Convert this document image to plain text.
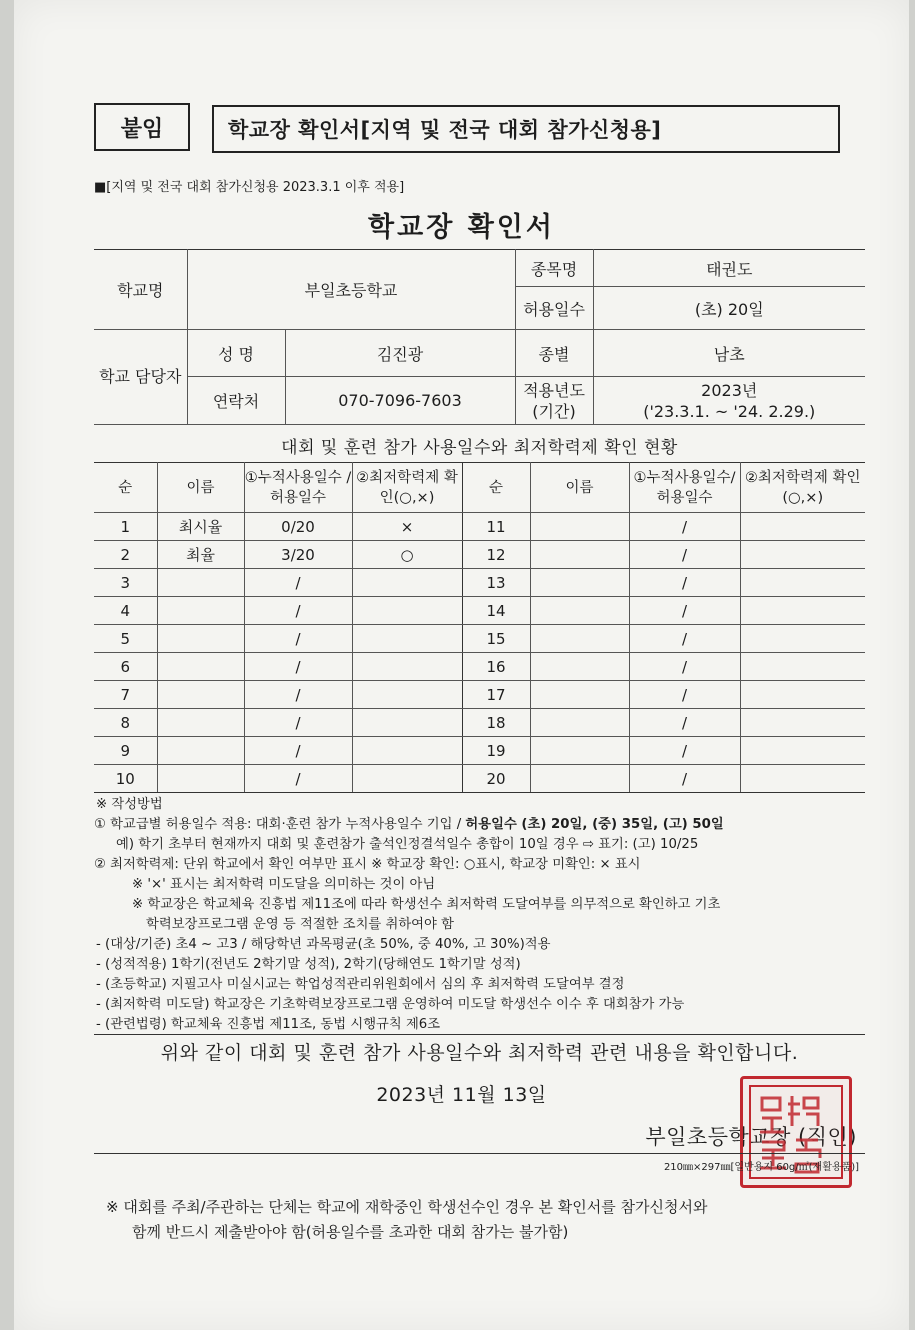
붙임	학교장 확인서[지역 및 전국 대회 참가신청용]
■[지역 및 전국 대회 참가신청용 2023.3.1 이후 적용]
학교장 확인서
학교명	부일초등학교		종목명	태권도
			허용일수	(초) 20일
학교 담당자	성 명	김진광	종별	남초
	연락처	070-7096-7603	적용년도 (기간)	2023년
('23.3.1. ~ '24. 2.29.)
대회 및 훈련 참가 사용일수와 최저학력제 확인 현황
순	이름	①누적사용일수 /허용일수	②최저학력제 확인(○,×)	순	이름	①누적사용일수/ 허용일수	②최저학력제 확인(○,×)
1	최시율	0/20	×	11		/	
2	최율	3/20	○	12		/	
3		/		13		/	
4		/		14		/	
5		/		15		/	
6		/		16		/	
7		/		17		/	
8		/		18		/	
9		/		19		/	
10		/		20		/	
※ 작성방법
① 학교급별 허용일수 적용: 대회·훈련 참가 누적사용일수 기입 / 허용일수 (초) 20일, (중) 35일, (고) 50일
예) 학기 초부터 현재까지 대회 및 훈련참가 출석인정결석일수 총합이 10일 경우 ⇨ 표기: (고) 10/25
② 최저학력제: 단위 학교에서 확인 여부만 표시 ※ 학교장 확인: ○표시, 학교장 미확인: × 표시
※ '×' 표시는 최저학력 미도달을 의미하는 것이 아님
※ 학교장은 학교체육 진흥법 제11조에 따라 학생선수 최저학력 도달여부를 의무적으로 확인하고 기초
학력보장프로그램 운영 등 적절한 조치를 취하여야 함
- (대상/기준) 초4 ~ 고3 / 해당학년 과목평균(초 50%, 중 40%, 고 30%)적용
- (성적적용) 1학기(전년도 2학기말 성적), 2학기(당해연도 1학기말 성적)
- (초등학교) 지필고사 미실시교는 학업성적관리위원회에서 심의 후 최저학력 도달여부 결정
- (최저학력 미도달) 학교장은 기초학력보장프로그램 운영하여 미도달 학생선수 이수 후 대회참가 가능
- (관련법령) 학교체육 진흥법 제11조, 동법 시행규칙 제6조
위와 같이 대회 및 훈련 참가 사용일수와 최저학력 관련 내용을 확인합니다.
2023년 11월 13일
부일초등학교장 (직인)
210㎜×297㎜[일반용지 60g/㎡(재활용품)]
※ 대회를 주최/주관하는 단체는 학교에 재학중인 학생선수인 경우 본 확인서를 참가신청서와
함께 반드시 제출받아야 함(허용일수를 초과한 대회 참가는 불가함)
